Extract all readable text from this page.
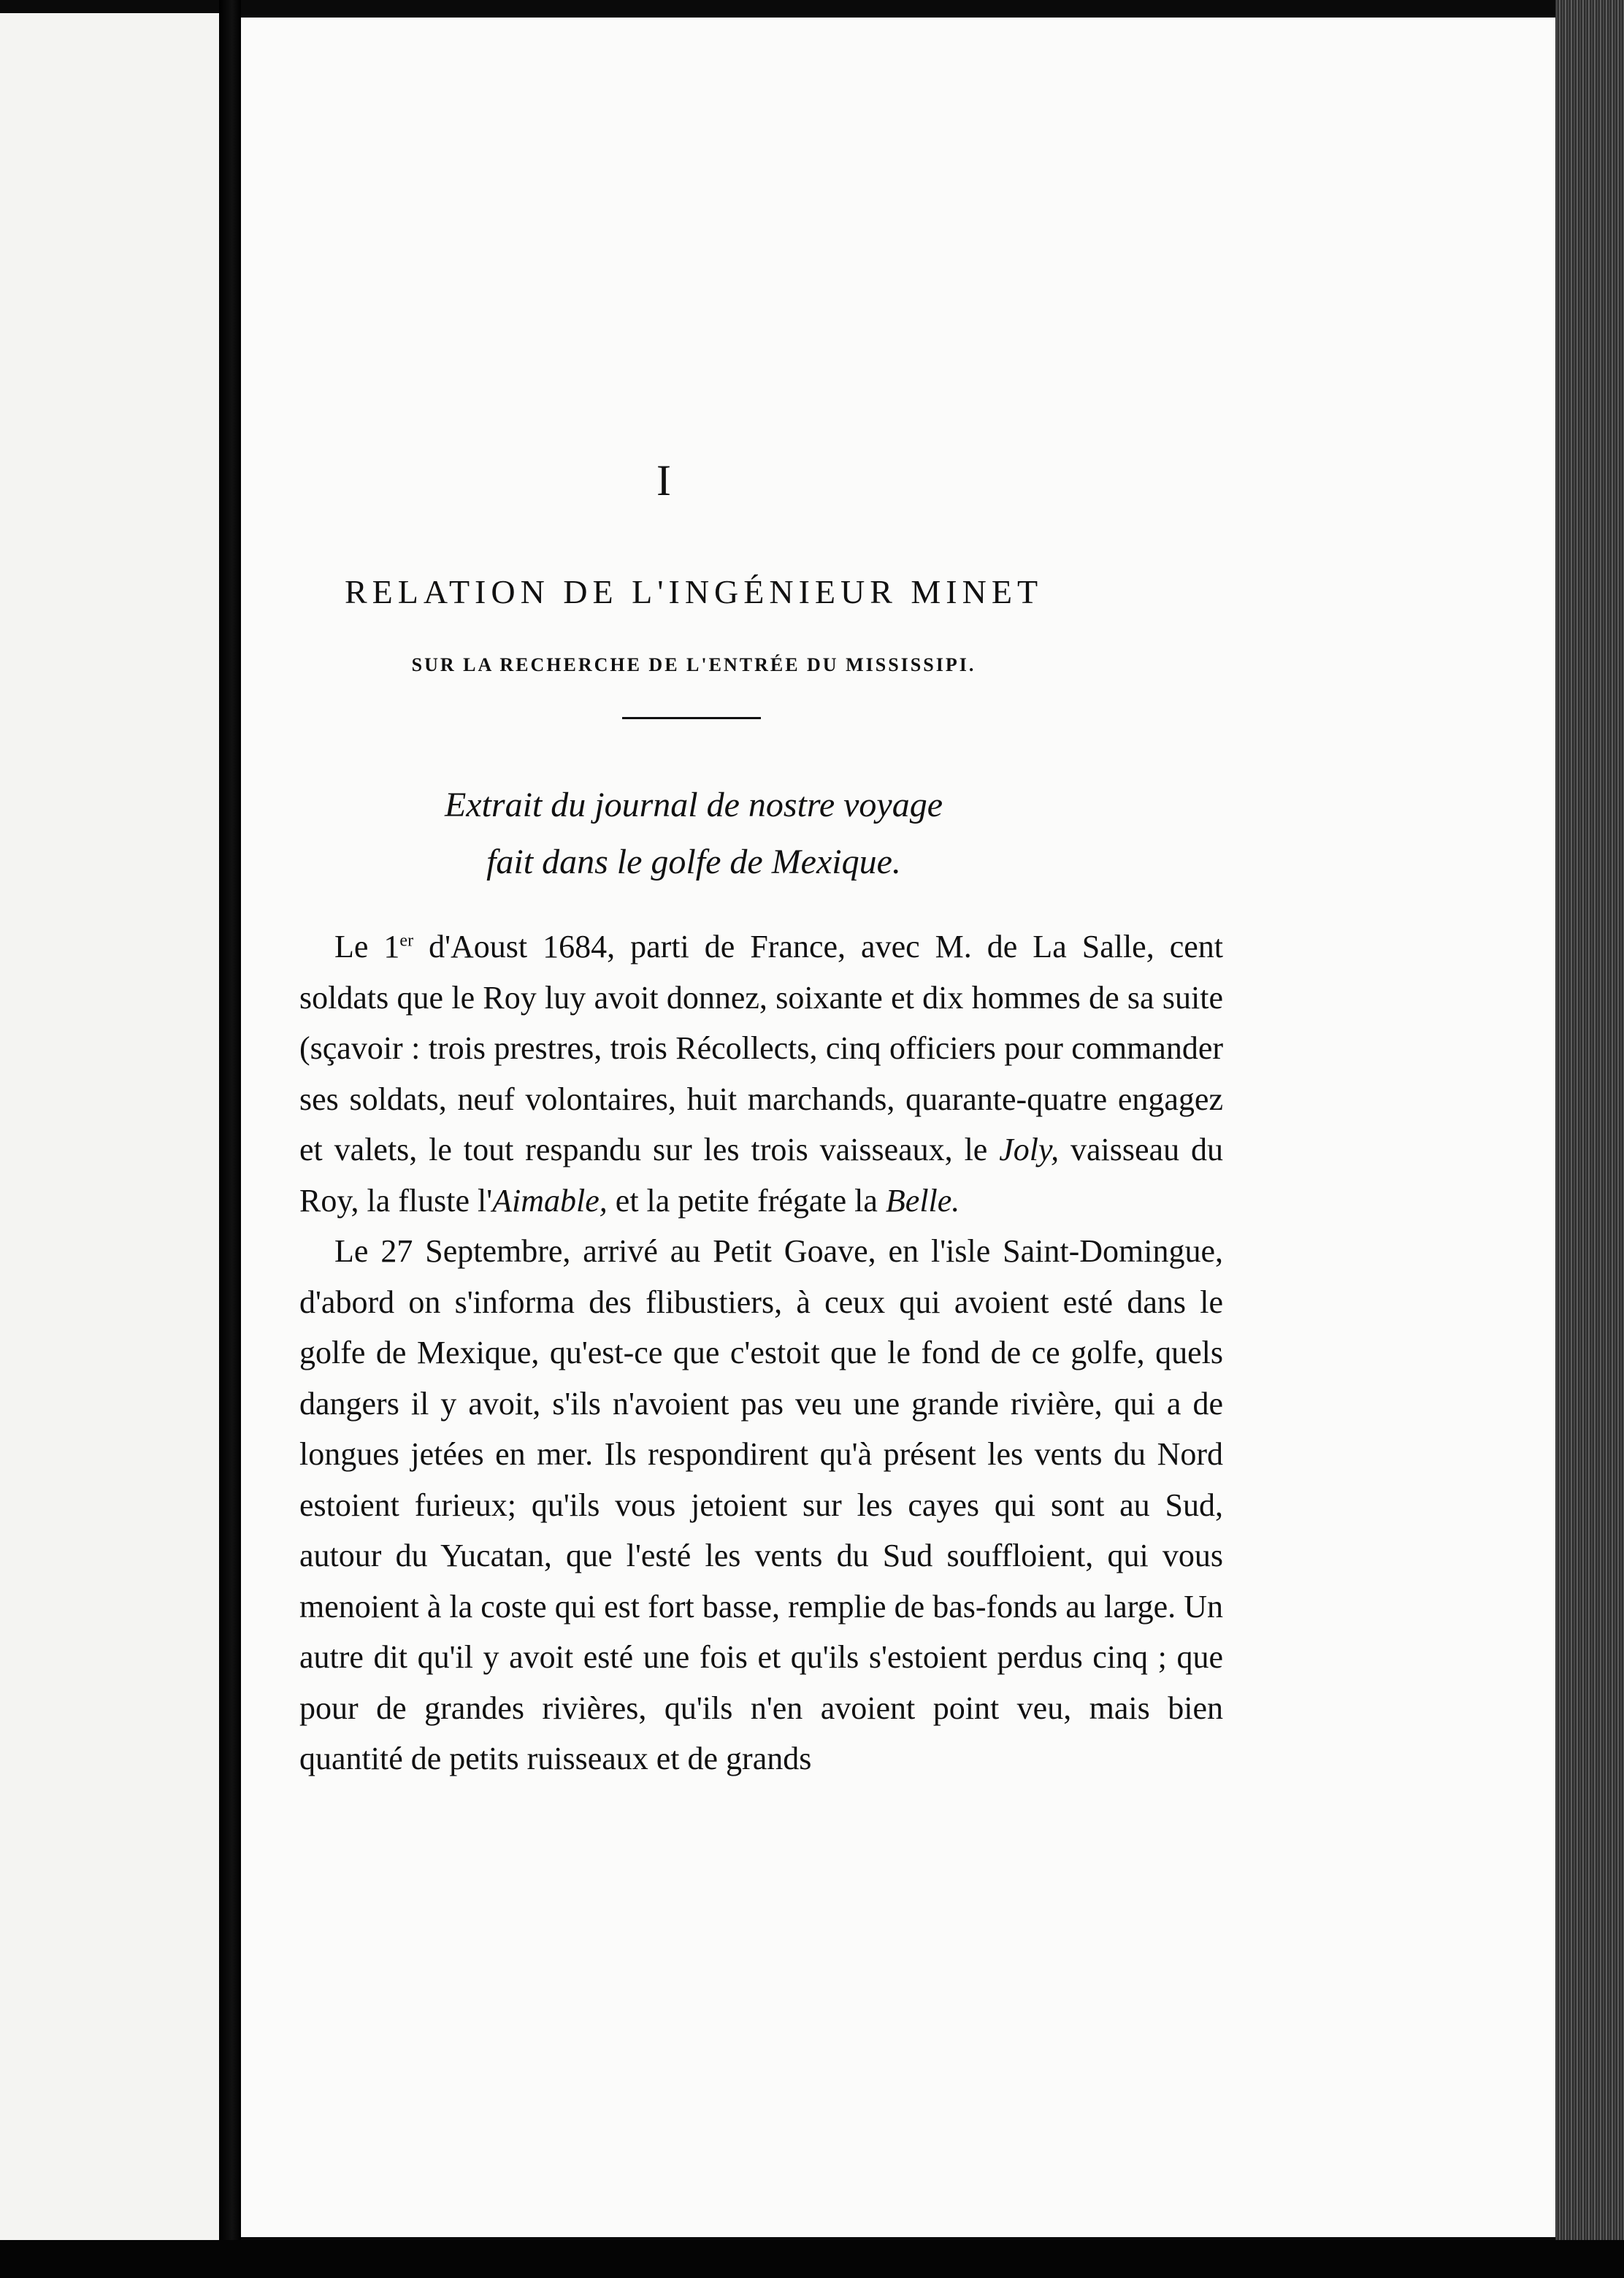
I
RELATION DE L'INGÉNIEUR MINET
SUR LA RECHERCHE DE L'ENTRÉE DU MISSISSIPI.
Extrait du journal de nostre voyage
fait dans le golfe de Mexique.

Le 1er d'Aoust 1684, parti de France, avec M. de La Salle, cent soldats que le Roy luy avoit donnez, soixante et dix hommes de sa suite (sçavoir : trois prestres, trois Récollects, cinq officiers pour commander ses soldats, neuf volontaires, huit marchands, quarante-quatre engagez et valets, le tout respandu sur les trois vaisseaux, le Joly, vaisseau du Roy, la fluste l'Aimable, et la petite frégate la Belle.

Le 27 Septembre, arrivé au Petit Goave, en l'isle Saint-Domingue, d'abord on s'informa des flibustiers, à ceux qui avoient esté dans le golfe de Mexique, qu'est-ce que c'estoit que le fond de ce golfe, quels dangers il y avoit, s'ils n'avoient pas veu une grande rivière, qui a de longues jetées en mer. Ils respondirent qu'à présent les vents du Nord estoient furieux; qu'ils vous jetoient sur les cayes qui sont au Sud, autour du Yucatan, que l'esté les vents du Sud souffloient, qui vous menoient à la coste qui est fort basse, remplie de bas-fonds au large. Un autre dit qu'il y avoit esté une fois et qu'ils s'estoient perdus cinq ; que pour de grandes rivières, qu'ils n'en avoient point veu, mais bien quantité de petits ruisseaux et de grands
